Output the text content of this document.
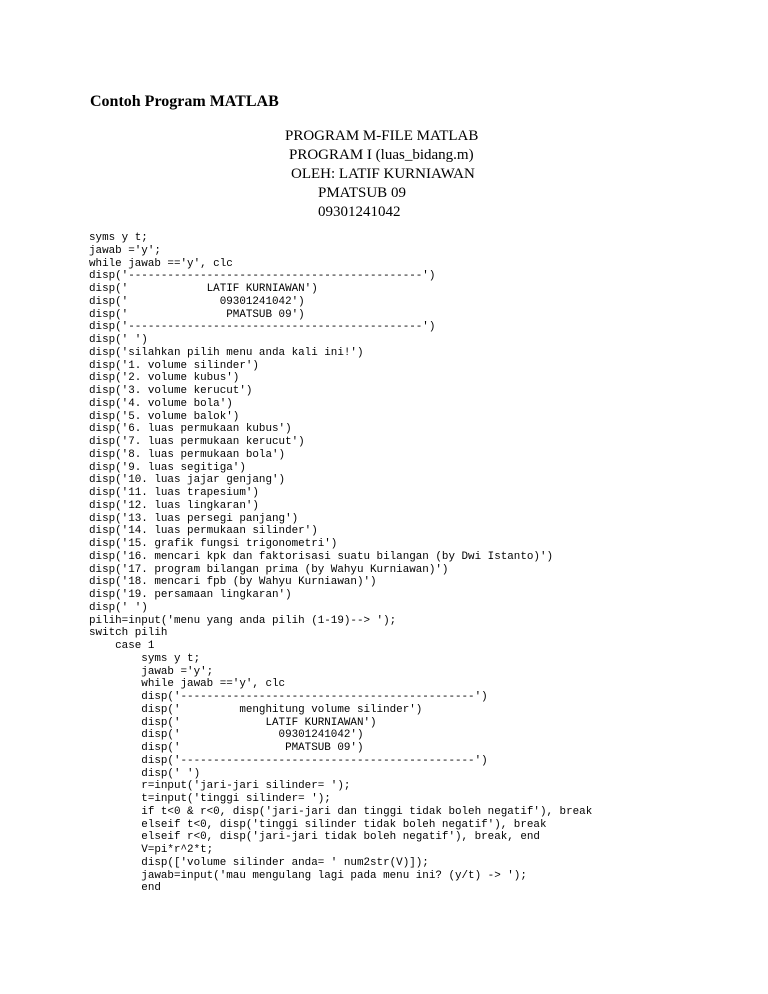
Contoh Program MATLAB
PROGRAM M-FILE MATLAB
PROGRAM I (luas_bidang.m)
OLEH: LATIF KURNIAWAN
PMATSUB 09
09301241042
syms y t;
jawab ='y';
while jawab =='y', clc
disp('---------------------------------------------')
disp('            LATIF KURNIAWAN')
disp('              09301241042')
disp('               PMATSUB 09')
disp('---------------------------------------------')
disp(' ')
disp('silahkan pilih menu anda kali ini!')
disp('1. volume silinder')
disp('2. volume kubus')
disp('3. volume kerucut')
disp('4. volume bola')
disp('5. volume balok')
disp('6. luas permukaan kubus')
disp('7. luas permukaan kerucut')
disp('8. luas permukaan bola')
disp('9. luas segitiga')
disp('10. luas jajar genjang')
disp('11. luas trapesium')
disp('12. luas lingkaran')
disp('13. luas persegi panjang')
disp('14. luas permukaan silinder')
disp('15. grafik fungsi trigonometri')
disp('16. mencari kpk dan faktorisasi suatu bilangan (by Dwi Istanto)')
disp('17. program bilangan prima (by Wahyu Kurniawan)')
disp('18. mencari fpb (by Wahyu Kurniawan)')
disp('19. persamaan lingkaran')
disp(' ')
pilih=input('menu yang anda pilih (1-19)--> ');
switch pilih
case 1
syms y t;
jawab ='y';
while jawab =='y', clc
disp('---------------------------------------------')
disp('         menghitung volume silinder')
disp('             LATIF KURNIAWAN')
disp('               09301241042')
disp('                PMATSUB 09')
disp('---------------------------------------------')
disp(' ')
r=input('jari-jari silinder= ');
t=input('tinggi silinder= ');
if t<0 & r<0, disp('jari-jari dan tinggi tidak boleh negatif'), break
elseif t<0, disp('tinggi silinder tidak boleh negatif'), break
elseif r<0, disp('jari-jari tidak boleh negatif'), break, end
V=pi*r^2*t;
disp(['volume silinder anda= ' num2str(V)]);
jawab=input('mau mengulang lagi pada menu ini? (y/t) -> ');
end
